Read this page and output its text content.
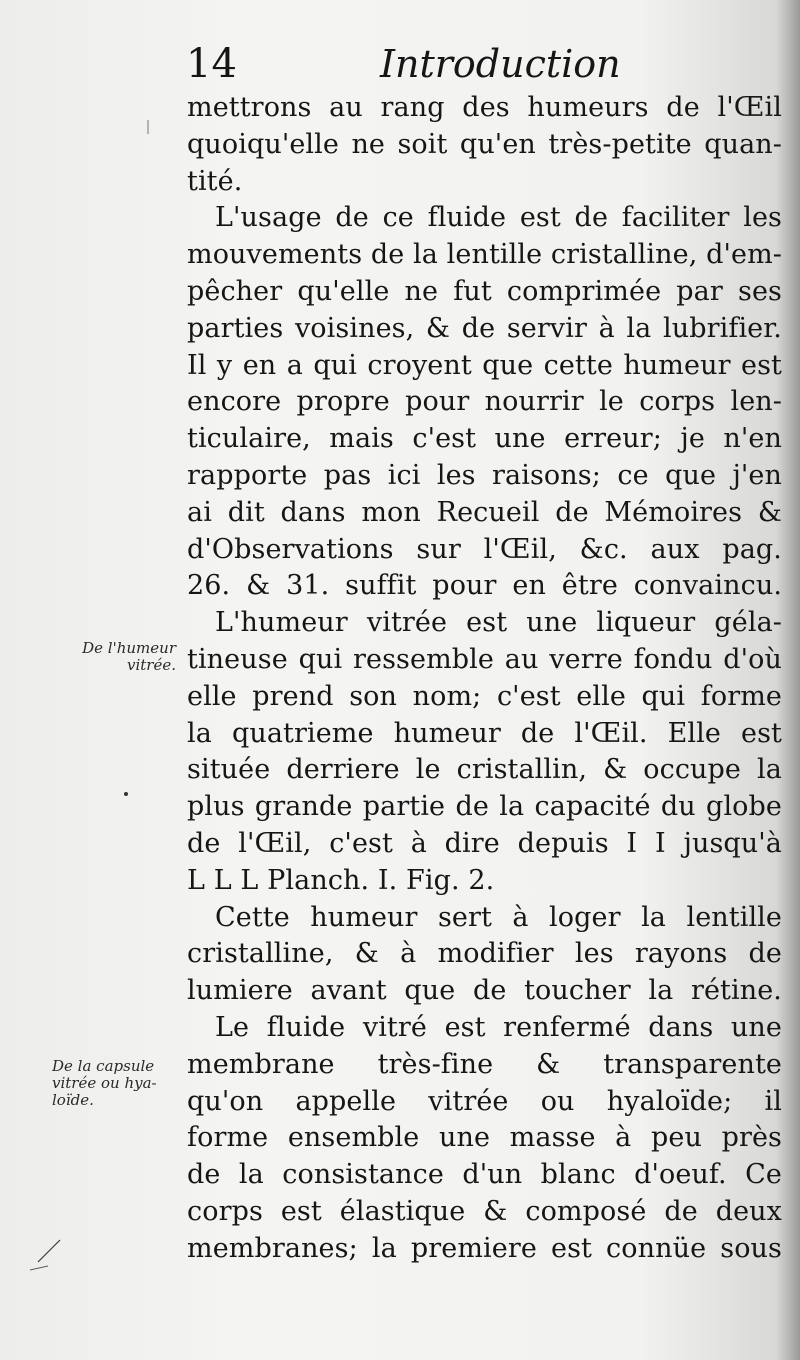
14	Introduction
De l'humeur
vitrée.
De la capsule
vitrée ou hya-
loïde.
mettrons au rang des humeurs de l'Œil
quoiqu'elle ne soit qu'en très-petite quan-
tité.
L'usage de ce fluide est de faciliter les
mouvements de la lentille cristalline, d'em-
pêcher qu'elle ne fut comprimée par ses
parties voisines, & de servir à la lubrifier.
Il y en a qui croyent que cette humeur est
encore propre pour nourrir le corps len-
ticulaire, mais c'est une erreur; je n'en
rapporte pas ici les raisons; ce que j'en
ai dit dans mon Recueil de Mémoires &
d'Observations sur l'Œil, &c. aux pag.
26. & 31. suffit pour en être convaincu.
L'humeur vitrée est une liqueur géla-
tineuse qui ressemble au verre fondu d'où
elle prend son nom; c'est elle qui forme
la quatrieme humeur de l'Œil. Elle est
située derriere le cristallin, & occupe la
plus grande partie de la capacité du globe
de l'Œil, c'est à dire depuis I I jusqu'à
L L L Planch. I. Fig. 2.
Cette humeur sert à loger la lentille
cristalline, & à modifier les rayons de
lumiere avant que de toucher la rétine.
Le fluide vitré est renfermé dans une
membrane très-fine & transparente
qu'on appelle vitrée ou hyaloïde; il
forme ensemble une masse à peu près
de la consistance d'un blanc d'oeuf. Ce
corps est élastique & composé de deux
membranes; la premiere est connüe sous
